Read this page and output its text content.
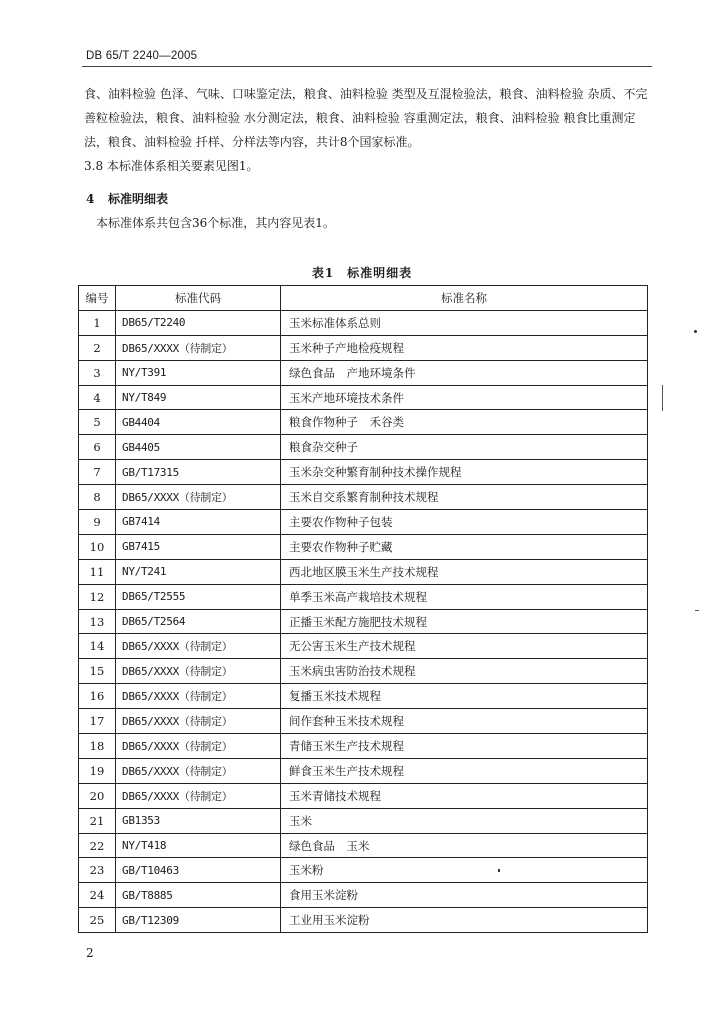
DB 65/T 2240—2005
食、油料检验 色泽、气味、口味鉴定法，粮食、油料检验 类型及互混检验法，粮食、油料检验 杂质、不完善粒检验法，粮食、油料检验 水分测定法，粮食、油料检验 容重测定法，粮食、油料检验 粮食比重测定法，粮食、油料检验 扦样、分样法等内容，共计8个国家标准。
3.8 本标准体系相关要素见图1。
4 标准明细表
本标准体系共包含36个标准，其内容见表1。
表1　标准明细表
编号	标准代码	标准名称
1	DB65/T2240	玉米标准体系总则
2	DB65/XXXX（待制定）	玉米种子产地检疫规程
3	NY/T391	绿色食品　产地环境条件
4	NY/T849	玉米产地环境技术条件
5	GB4404	粮食作物种子　禾谷类
6	GB4405	粮食杂交种子
7	GB/T17315	玉米杂交种繁育制种技术操作规程
8	DB65/XXXX（待制定）	玉米自交系繁育制种技术规程
9	GB7414	主要农作物种子包装
10	GB7415	主要农作物种子贮藏
11	NY/T241	西北地区膜玉米生产技术规程
12	DB65/T2555	单季玉米高产栽培技术规程
13	DB65/T2564	正播玉米配方施肥技术规程
14	DB65/XXXX（待制定）	无公害玉米生产技术规程
15	DB65/XXXX（待制定）	玉米病虫害防治技术规程
16	DB65/XXXX（待制定）	复播玉米技术规程
17	DB65/XXXX（待制定）	间作套种玉米技术规程
18	DB65/XXXX（待制定）	青储玉米生产技术规程
19	DB65/XXXX（待制定）	鲜食玉米生产技术规程
20	DB65/XXXX（待制定）	玉米青储技术规程
21	GB1353	玉米
22	NY/T418	绿色食品　玉米
23	GB/T10463	玉米粉
24	GB/T8885	食用玉米淀粉
25	GB/T12309	工业用玉米淀粉
2
